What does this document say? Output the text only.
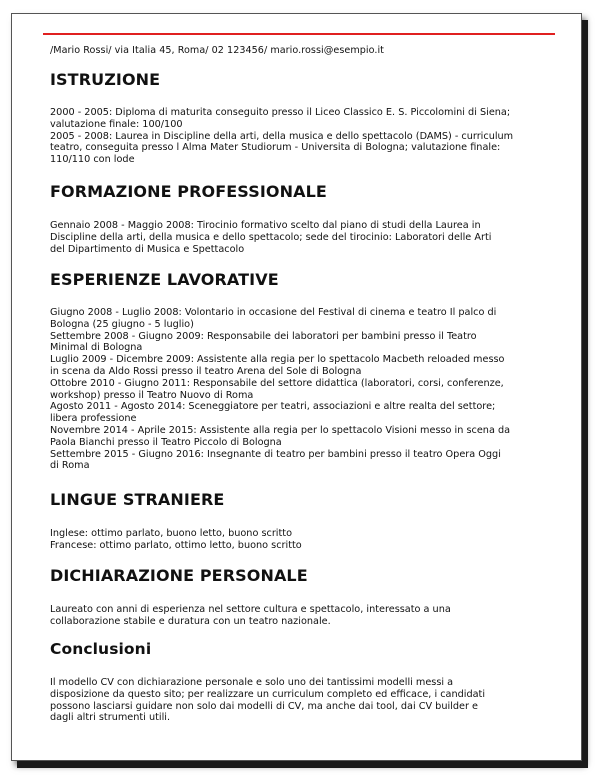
/Mario Rossi/ via Italia 45, Roma/ 02 123456/ mario.rossi@esempio.it
ISTRUZIONE
2000 - 2005: Diploma di maturita conseguito presso il Liceo Classico E. S. Piccolomini di Siena;
valutazione finale: 100/100
2005 - 2008: Laurea in Discipline della arti, della musica e dello spettacolo (DAMS) - curriculum
teatro, conseguita presso l Alma Mater Studiorum - Universita di Bologna; valutazione finale:
110/110 con lode
FORMAZIONE PROFESSIONALE
Gennaio 2008 - Maggio 2008: Tirocinio formativo scelto dal piano di studi della Laurea in
Discipline della arti, della musica e dello spettacolo; sede del tirocinio: Laboratori delle Arti
del Dipartimento di Musica e Spettacolo
ESPERIENZE LAVORATIVE
Giugno 2008 - Luglio 2008: Volontario in occasione del Festival di cinema e teatro Il palco di
Bologna (25 giugno - 5 luglio)
Settembre 2008 - Giugno 2009: Responsabile dei laboratori per bambini presso il Teatro
Minimal di Bologna
Luglio 2009 - Dicembre 2009: Assistente alla regia per lo spettacolo Macbeth reloaded messo
in scena da Aldo Rossi presso il teatro Arena del Sole di Bologna
Ottobre 2010 - Giugno 2011: Responsabile del settore didattica (laboratori, corsi, conferenze,
workshop) presso il Teatro Nuovo di Roma
Agosto 2011 - Agosto 2014: Sceneggiatore per teatri, associazioni e altre realta del settore;
libera professione
Novembre 2014 - Aprile 2015: Assistente alla regia per lo spettacolo Visioni messo in scena da
Paola Bianchi presso il Teatro Piccolo di Bologna
Settembre 2015 - Giugno 2016: Insegnante di teatro per bambini presso il teatro Opera Oggi
di Roma
LINGUE STRANIERE
Inglese: ottimo parlato, buono letto, buono scritto
Francese: ottimo parlato, ottimo letto, buono scritto
DICHIARAZIONE PERSONALE
Laureato con anni di esperienza nel settore cultura e spettacolo, interessato a una
collaborazione stabile e duratura con un teatro nazionale.
Conclusioni
Il modello CV con dichiarazione personale e solo uno dei tantissimi modelli messi a
disposizione da questo sito; per realizzare un curriculum completo ed efficace, i candidati
possono lasciarsi guidare non solo dai modelli di CV, ma anche dai tool, dai CV builder e
dagli altri strumenti utili.
